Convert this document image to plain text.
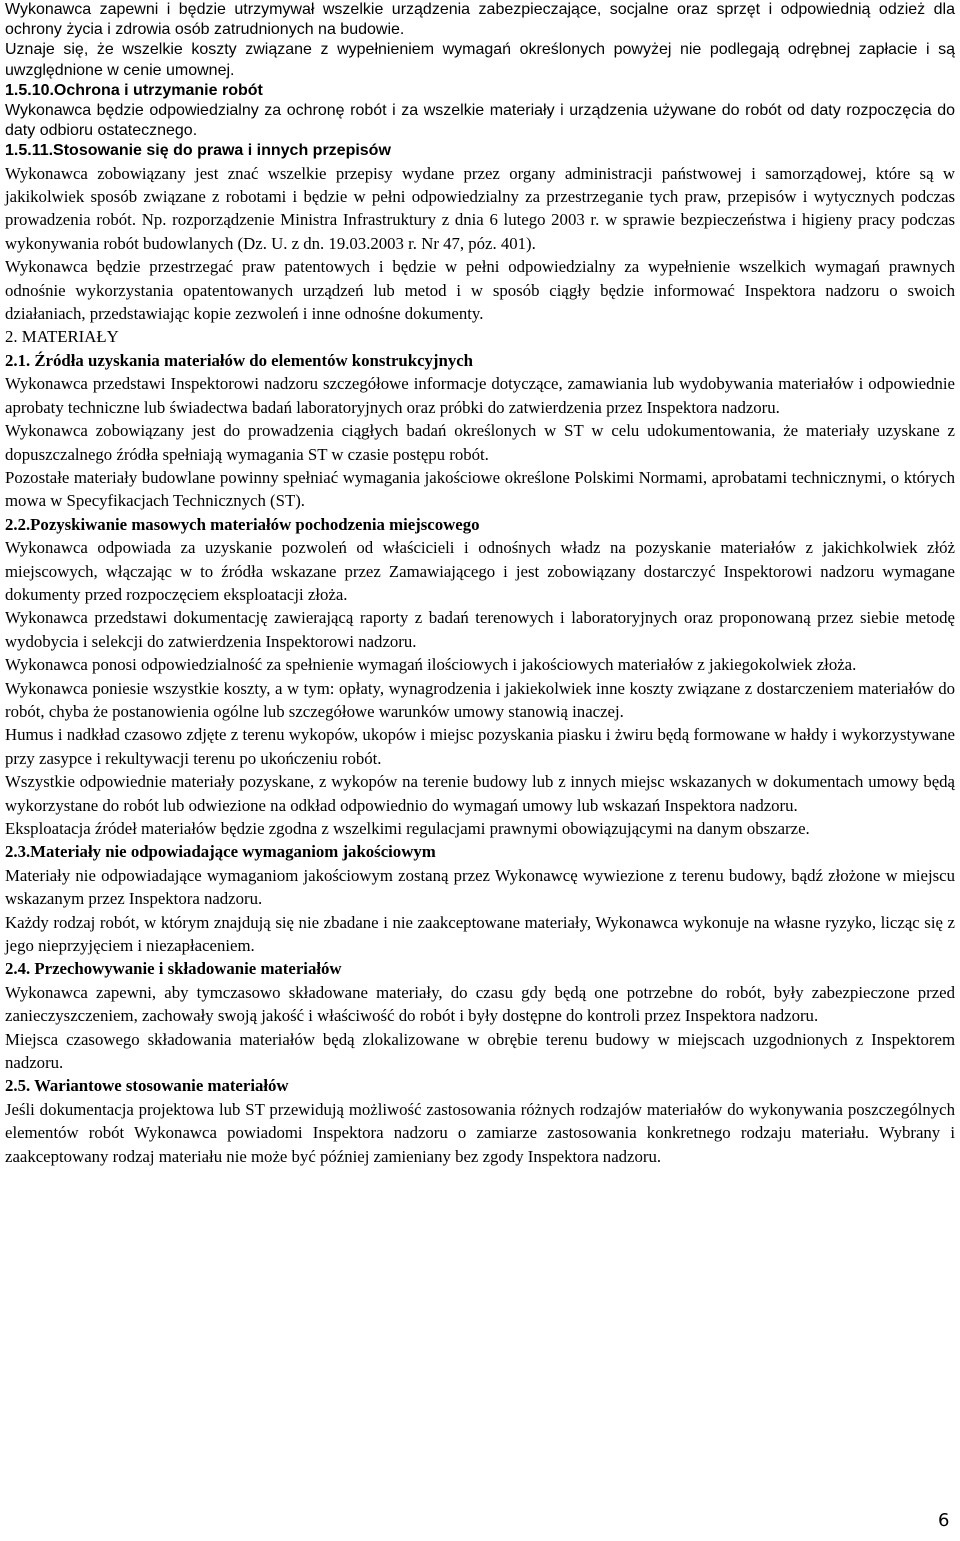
Wykonawca zapewni i będzie utrzymywał wszelkie urządzenia zabezpieczające, socjalne oraz sprzęt i odpowiednią odzież dla ochrony życia i zdrowia osób zatrudnionych na budowie.

Uznaje się, że wszelkie koszty związane z wypełnieniem wymagań określonych powyżej nie podlegają odrębnej zapłacie i są uwzględnione w cenie umownej.

1.5.10.Ochrona i utrzymanie robót

Wykonawca będzie odpowiedzialny za ochronę robót i za wszelkie materiały i urządzenia używane do robót od daty rozpoczęcia do daty odbioru ostatecznego.

1.5.11.Stosowanie się do prawa i innych przepisów

Wykonawca zobowiązany jest znać wszelkie przepisy wydane przez organy administracji państwowej i samorządowej, które są w jakikolwiek sposób związane z robotami i będzie w pełni odpowiedzialny za przestrzeganie tych praw, przepisów i wytycznych podczas prowadzenia robót. Np. rozporządzenie Ministra Infrastruktury z dnia 6 lutego 2003 r. w sprawie bezpieczeństwa i higieny pracy podczas wykonywania robót budowlanych (Dz. U. z dn. 19.03.2003 r. Nr 47, póz. 401).

Wykonawca będzie przestrzegać praw patentowych i będzie w pełni odpowiedzialny za wypełnienie wszelkich wymagań prawnych odnośnie wykorzystania opatentowanych urządzeń lub metod i w sposób ciągły będzie informować Inspektora nadzoru o swoich działaniach, przedstawiając kopie zezwoleń i inne odnośne dokumenty.

2. MATERIAŁY

2.1. Źródła uzyskania materiałów do elementów konstrukcyjnych

Wykonawca przedstawi Inspektorowi nadzoru szczegółowe informacje dotyczące, zamawiania lub wydobywania materiałów i odpowiednie aprobaty techniczne lub świadectwa badań laboratoryjnych oraz próbki do zatwierdzenia przez Inspektora nadzoru.

Wykonawca zobowiązany jest do prowadzenia ciągłych badań określonych w ST w celu udokumentowania, że materiały uzyskane z dopuszczalnego źródła spełniają wymagania ST w czasie postępu robót.

Pozostałe materiały budowlane powinny spełniać wymagania jakościowe określone Polskimi Normami, aprobatami technicznymi, o których mowa w Specyfikacjach Technicznych (ST).

2.2.Pozyskiwanie masowych materiałów pochodzenia miejscowego

Wykonawca odpowiada za uzyskanie pozwoleń od właścicieli i odnośnych władz na pozyskanie materiałów z jakichkolwiek złóż miejscowych, włączając w to źródła wskazane przez Zamawiającego i jest zobowiązany dostarczyć Inspektorowi nadzoru wymagane dokumenty przed rozpoczęciem eksploatacji złoża.

Wykonawca przedstawi dokumentację zawierającą raporty z badań terenowych i laboratoryjnych oraz proponowaną przez siebie metodę wydobycia i selekcji do zatwierdzenia Inspektorowi nadzoru.

Wykonawca ponosi odpowiedzialność za spełnienie wymagań ilościowych i jakościowych materiałów z jakiegokolwiek złoża.

Wykonawca poniesie wszystkie koszty, a w tym: opłaty, wynagrodzenia i jakiekolwiek inne koszty związane z dostarczeniem materiałów do robót, chyba że postanowienia ogólne lub szczegółowe warunków umowy stanowią inaczej.

Humus i nadkład czasowo zdjęte z terenu wykopów, ukopów i miejsc pozyskania piasku i żwiru będą formowane w hałdy i wykorzystywane przy zasypce i rekultywacji terenu po ukończeniu robót.

Wszystkie odpowiednie materiały pozyskane, z wykopów na terenie budowy lub z innych miejsc wskazanych w dokumentach umowy będą wykorzystane do robót lub odwiezione na odkład odpowiednio do wymagań umowy lub wskazań Inspektora nadzoru.

Eksploatacja źródeł materiałów będzie zgodna z wszelkimi regulacjami prawnymi obowiązującymi na danym obszarze.

2.3.Materiały nie odpowiadające wymaganiom jakościowym

Materiały nie odpowiadające wymaganiom jakościowym zostaną przez Wykonawcę wywiezione z terenu budowy, bądź złożone w miejscu wskazanym przez Inspektora nadzoru.

Każdy rodzaj robót, w którym znajdują się nie zbadane i nie zaakceptowane materiały, Wykonawca wykonuje na własne ryzyko, licząc się z jego nieprzyjęciem i niezapłaceniem.

2.4. Przechowywanie i składowanie materiałów

Wykonawca zapewni, aby tymczasowo składowane materiały, do czasu gdy będą one potrzebne do robót, były zabezpieczone przed zanieczyszczeniem, zachowały swoją jakość i właściwość do robót i były dostępne do kontroli przez Inspektora nadzoru.

Miejsca czasowego składowania materiałów będą zlokalizowane w obrębie terenu budowy w miejscach uzgodnionych z Inspektorem nadzoru.

2.5. Wariantowe stosowanie materiałów

Jeśli dokumentacja projektowa lub ST przewidują możliwość zastosowania różnych rodzajów materiałów do wykonywania poszczególnych elementów robót Wykonawca powiadomi Inspektora nadzoru o zamiarze zastosowania konkretnego rodzaju materiału. Wybrany i zaakceptowany rodzaj materiału nie może być później zamieniany bez zgody Inspektora nadzoru.

6
